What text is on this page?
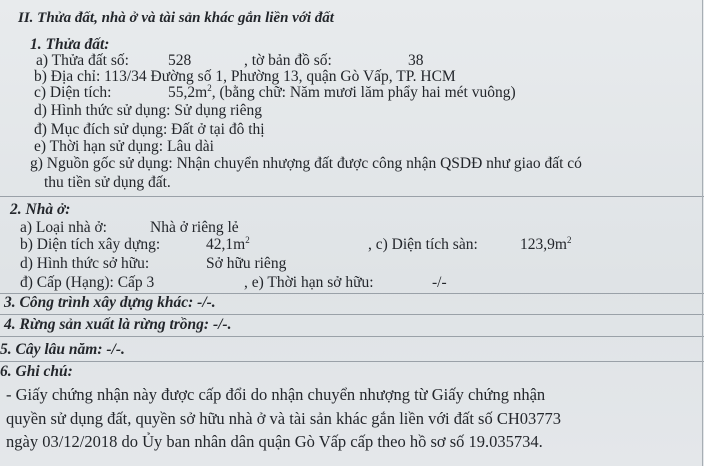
II. Thửa đất, nhà ở và tài sản khác gắn liền với đất
1. Thửa đất:
a) Thửa đất số:	528	, tờ bản đồ số:	38
b) Địa chỉ: 113/34 Đường số 1, Phường 13, quận Gò Vấp, TP. HCM
c) Diện tích:	$55,2m^2$, (bằng chữ: Năm mươi lăm phẩy hai mét vuông)
d) Hình thức sử dụng: Sử dụng riêng
đ) Mục đích sử dụng: Đất ở tại đô thị
e) Thời hạn sử dụng: Lâu dài
g) Nguồn gốc sử dụng: Nhận chuyển nhượng đất được công nhận QSDĐ như giao đất có
thu tiền sử dụng đất.
2. Nhà ở:
a) Loại nhà ở:	Nhà ở riêng lẻ
b) Diện tích xây dựng:	$42,1m^2$	, c) Diện tích sàn:	$123,9m^2$
d) Hình thức sở hữu:	Sở hữu riêng
đ) Cấp (Hạng): Cấp 3	, e) Thời hạn sở hữu:	-/-
3. Công trình xây dựng khác: -/-.
4. Rừng sản xuất là rừng trồng: -/-.
5. Cây lâu năm: -/-.
6. Ghi chú:
- Giấy chứng nhận này được cấp đổi do nhận chuyển nhượng từ Giấy chứng nhận
quyền sử dụng đất, quyền sở hữu nhà ở và tài sản khác gắn liền với đất số CH03773
ngày 03/12/2018 do Ủy ban nhân dân quận Gò Vấp cấp theo hồ sơ số 19.035734.
